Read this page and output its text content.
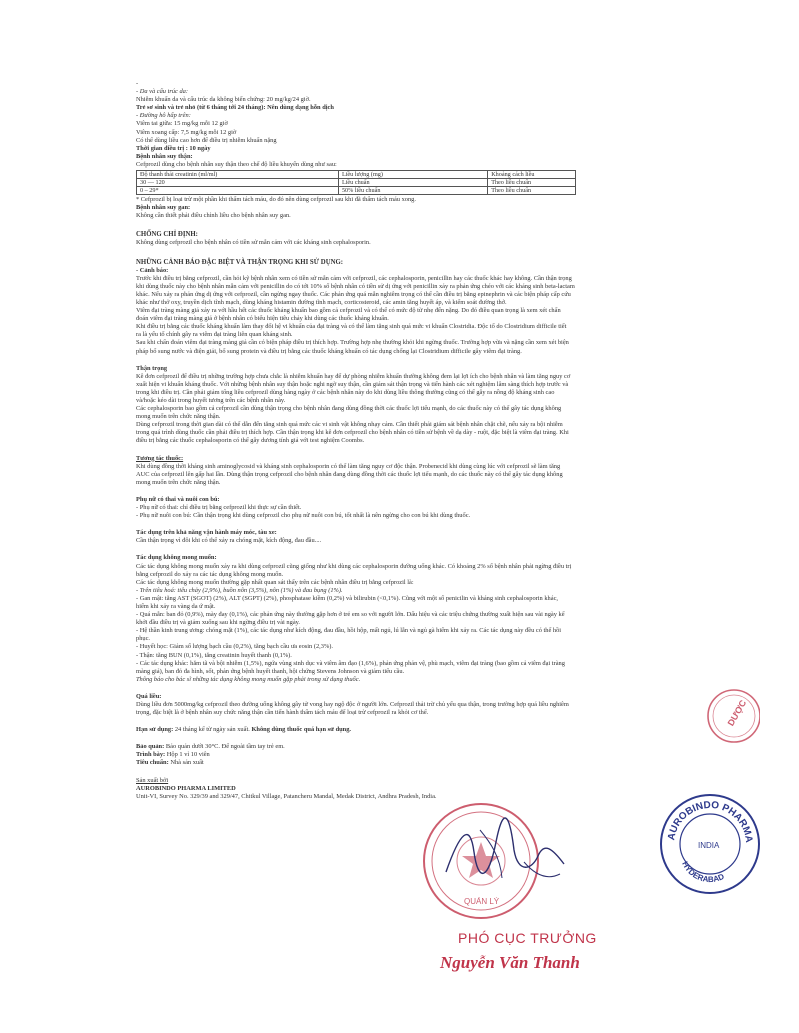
-
- Da và cấu trúc da:
Nhiễm khuẩn da và cấu trúc da không biến chứng: 20 mg/kg/24 giờ.
Trẻ sơ sinh và trẻ nhỏ (từ 6 tháng tới 24 tháng): Nên dùng dạng hỗn dịch
- Đường hô hấp trên:
Viêm tai giữa: 15 mg/kg mỗi 12 giờ
Viêm xoang cấp: 7,5 mg/kg mỗi 12 giờ
Có thể dùng liều cao hơn để điều trị nhiễm khuẩn nặng
Thời gian điều trị : 10 ngày
Bệnh nhân suy thận:
Cefprozil dùng cho bệnh nhân suy thận theo chế độ liều khuyến dùng như sau:
Độ thanh thải creatinin (ml/ml)	Liều lượng (mg)	Khoảng cách liều
30 — 120	Liều chuẩn	Theo liều chuẩn
0 – 29*	50% liều chuẩn	Theo liều chuẩn
* Cefprozil bị loại trừ một phần khi thẩm tách máu, do đó nên dùng cefprozil sau khi đã thẩm tách máu xong.
Bệnh nhân suy gan:
Không cần thiết phải điều chỉnh liều cho bệnh nhân suy gan.
CHỐNG CHỈ ĐỊNH:
Không dùng cefprozil cho bệnh nhân có tiền sử mẫn cảm với các kháng sinh cephalosporin.
NHỮNG CẢNH BÁO ĐẶC BIỆT VÀ THẬN TRỌNG KHI SỬ DỤNG:
- Cảnh báo:
Trước khi điều trị bằng cefprozil, cần hỏi kỹ bệnh nhân xem có tiền sử mẫn cảm với cefprozil, các cephalosporin, penicillin hay các thuốc khác hay không. Cần thận trọng
khi dùng thuốc này cho bệnh nhân mẫn cảm với penicillin do có tới 10% số bệnh nhân có tiền sử dị ứng với penicillin xảy ra phản ứng chéo với các kháng sinh beta-lactam
khác. Nếu xảy ra phản ứng dị ứng với cefprozil, cần ngừng ngay thuốc. Các phản ứng quá mẫn nghiêm trọng có thể cần điều trị bằng epinephrin và các biện pháp cấp cứu
khác như thở oxy, truyền dịch tĩnh mạch, dùng kháng histamin đường tĩnh mạch, corticosteroid, các amin tăng huyết áp, và kiểm soát đường thở.
Viêm đại tràng màng giả xảy ra với hầu hết các thuốc kháng khuẩn bao gồm cả cefprozil và có thể có mức độ từ nhẹ đến nặng. Do đó điều quan trọng là xem xét chẩn
đoán viêm đại tràng màng giả ở bệnh nhân có biểu hiện tiêu chảy khi dùng các thuốc kháng khuẩn.
Khi điều trị bằng các thuốc kháng khuẩn làm thay đổi hệ vi khuẩn của đại tràng và có thể làm tăng sinh quá mức vi khuẩn Clostridia. Độc tố do Clostridium difficile tiết
ra là yếu tố chính gây ra viêm đại tràng liên quan kháng sinh.
Sau khi chẩn đoán viêm đại tràng màng giả cần có biện pháp điều trị thích hợp. Trường hợp nhẹ thường khỏi khi ngừng thuốc. Trường hợp vừa và nặng cần xem xét biện
pháp bổ sung nước và điện giải, bổ sung protein và điều trị bằng các thuốc kháng khuẩn có tác dụng chống lại Clostridium difficile gây viêm đại tràng.
Thận trọng
Kê đơn cefprozil để điều trị những trường hợp chưa chắc là nhiễm khuẩn hay để dự phòng nhiễm khuẩn thường không đem lại lợi ích cho bệnh nhân và làm tăng nguy cơ
xuất hiện vi khuẩn kháng thuốc. Với những bệnh nhân suy thận hoặc nghi ngờ suy thận, cần giám sát thận trọng và tiến hành các xét nghiệm lâm sàng thích hợp trước và
trong khi điều trị. Cần phải giảm tổng liều cefprozil dùng hàng ngày ở các bệnh nhân này do khi dùng liều thông thường cũng có thể gây ra nồng độ kháng sinh cao
và/hoặc kéo dài trong huyết tương trên các bệnh nhân này.
Các cephalosporin bao gồm cả cefprozil cần dùng thận trọng cho bệnh nhân đang dùng đồng thời các thuốc lợi tiểu mạnh, do các thuốc này có thể gây tác dụng không
mong muốn trên chức năng thận.
Dùng cefprozil trong thời gian dài có thể dẫn đến tăng sinh quá mức các vi sinh vật không nhạy cảm. Cần thiết phải giám sát bệnh nhân chặt chẽ, nếu xảy ra bội nhiễm
trong quá trình dùng thuốc cần phải điều trị thích hợp. Cần thận trọng khi kê đơn cefprozil cho bệnh nhân có tiền sử bệnh về dạ dày - ruột, đặc biệt là viêm đại tràng. Khi
điều trị bằng các thuốc cephalosporin có thể gây dương tính giả với test nghiệm Coombs.
Tương tác thuốc:
Khi dùng đồng thời kháng sinh aminoglycosid và kháng sinh cephalosporin có thể làm tăng nguy cơ độc thận. Probenecid khi dùng cùng lúc với cefprozil sẽ làm tăng
AUC của cefprozil lên gấp hai lần. Dùng thận trọng cefprozil cho bệnh nhân đang dùng đồng thời các thuốc lợi tiểu mạnh, do các thuốc này có thể gây tác dụng không
mong muốn trên chức năng thận.
Phụ nữ có thai và nuôi con bú:
- Phụ nữ có thai: chỉ điều trị bằng cefprozil khi thực sự cần thiết.
- Phụ nữ nuôi con bú: Cần thận trọng khi dùng cefprozil cho phụ nữ nuôi con bú, tốt nhất là nên ngừng cho con bú khi dùng thuốc.
Tác dụng trên khả năng vận hành máy móc, tàu xe:
Cần thận trọng vì đôi khi có thể xảy ra chóng mặt, kích động, đau đầu....
Tác dụng không mong muốn:
Các tác dụng không mong muốn xảy ra khi dùng cefprozil cũng giống như khi dùng các cephalosporin đường uống khác. Có khoảng 2% số bệnh nhân phải ngừng điều trị
bằng cefprozil do xảy ra các tác dụng không mong muốn.
Các tác dụng không mong muốn thường gặp nhất quan sát thấy trên các bệnh nhân điều trị bằng cefprozil là:
- Trên tiêu hoá: tiêu chảy (2,9%), buồn nôn (3,5%), nôn (1%) và đau bụng (1%).
- Gan mật: tăng AST (SGOT) (2%), ALT (SGPT) (2%), phosphatase kiềm (0,2%) và bilirubin (<0,1%). Cũng với một số penicilin và kháng sinh cephalosporin khác,
hiếm khi xảy ra vàng da ứ mật.
- Quá mẫn: ban đỏ (0,9%), mày đay (0,1%), các phản ứng này thường gặp hơn ở trẻ em so với người lớn. Dấu hiệu và các triệu chứng thường xuất hiện sau vài ngày kể
khởi đầu điều trị và giảm xuống sau khi ngừng điều trị vài ngày.
- Hệ thần kinh trung ương: chóng mặt (1%), các tác dụng như kích động, đau đầu, hồi hộp, mất ngủ, lú lẫn và ngủ gà hiếm khi xảy ra. Các tác dụng này đều có thể hồi
phục.
- Huyết học: Giảm số lượng bạch cầu (0,2%), tăng bạch cầu ưa eosin (2,3%).
- Thận: tăng BUN (0,1%), tăng creatinin huyết thanh (0,1%).
- Các tác dụng khác: hăm tã và bội nhiễm (1,5%), ngứa vùng sinh dục và viêm âm đạo (1,6%), phản ứng phản vệ, phù mạch, viêm đại tràng (bao gồm cả viêm đại tràng
màng giả), ban đỏ đa hình, sốt, phản ứng bệnh huyết thanh, hội chứng Stevens Johnson và giảm tiểu cầu.
Thông báo cho bác sĩ những tác dụng không mong muốn gặp phải trong sử dụng thuốc.
Quá liều:
Dùng liều đơn 5000mg/kg cefprozil theo đường uống không gây tử vong hay ngộ độc ở người lớn. Cefprozil thải trừ chủ yếu qua thận, trong trường hợp quá liều nghiêm
trọng, đặc biệt là ở bệnh nhân suy chức năng thận cần tiến hành thẩm tách máu để loại trừ cefprozil ra khỏi cơ thể.
Hạn sử dụng: 24 tháng kể từ ngày sản xuất. Không dùng thuốc quá hạn sử dụng.
Bảo quản: Bảo quản dưới 30°C. Để ngoài tầm tay trẻ em.
Trình bày: Hộp 1 vỉ 10 viên
Tiêu chuẩn: Nhà sản xuất
Sản xuất bởi
AUROBINDO PHARMA LIMITED
Unit-VI, Survey No. 329/39 and 329/47, Chitkul Village, Patancheru Mandal, Medak District, Andhra Pradesh, India.
DƯỢC
QUẢN LÝ
AUROBINDO PHARMA
HYDERABAD
INDIA
PHÓ CỤC TRƯỞNG
Nguyễn Văn Thanh
